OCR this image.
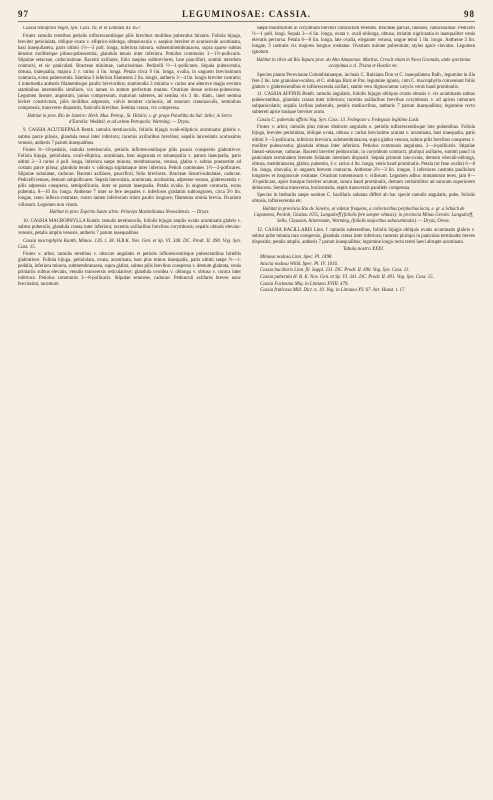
97	LEGUMINOSAE: CASSIA.	98

Cassia tenuifolia Vogel, Syn. Cass. 16, et in Linnaea XI. 657.

Frutex ramulis teretibus petiolis inflorescentiisque pilis brevibus mollibus puberulus hirsutis. Foliola bijuga, breviter petiolulata, oblique ovata v. elliptico-oblonga, obtusiuscula v. saepius breviter et acutiuscule acuminata, basi inaequilatera, paris ultimi 1½—3 poll. longa, inferiora minora, subsemimembranacea, supra sparse subtus densius molliterque piloso-pubescentia; glandula tenuis inter inferiora. Petiolus communis 1—1½-pollicaris. Stipulae setaceae, caducissimae. Racemi axillares, folio saepius subbreviores, laxe pauciflori, summi interdum contracti, et sic paniculati. Bracteae minimae, caducissimae. Pedicelli ½—1-pollicares. Sepala pubescentia, obtusa, inaequalia, majora 3 v. rarius 4 lin. longa. Petala circa 9 lin. longa, ovalia, in unguem brevissimum contracta, extus pubescentia. Stamina 3 inferiora filamentis 2 lin. longis, antheris 3—4 lin. longis breviter rostratis; 4 intermedia antheris filamentisque paullo brevioribus; staminodia 3 minima v. rarius une alterove magis evoluto staminibus intermediis similiore, vix tamen in statum perfectum mutato. Ovarium dense sericeo-pubescens. Legumen lineare, angustum, junius compressum, maturum subteres, ad semina vix 3 lin. diam., inter semina leviter constrictum, pilis mollibus adpressis, valvis tenuiter coriaceis, ad suturam crassiusculis, seminibus compressis, transverse dispositis, funiculis brevibus. Semina crassa, vix compressa.

Habitat in prov. Rio de Janeiro: Herb. Mus. Petrop., St. Hilaire; s. gr. prope Parahiba do Sul: Sello; in Serra d'Estrella: Weddell, et ad urbem Petropolis: Warming. — Dryas.

9. CASSIA ACUTISEPALA Benth. ramulis teretiusculis, foliolis bijugis ovali-ellipticis acuminatis glabris v. subtus parce pilosis, glandula tenui inter inferiora; racemis axillaribus brevibus; sepalis lanceolatis acutissimis venosis, antheris 7 parum inaequalibus.

Frutex 8—10-pedalis, ramulis teretiusculis, petiolis inflorescentiisque pilis paucis conspersis glabrativve. Foliola bijuga, petiolulata, ovali-elliptica, acuminata, basi angustata et subaequalia v. parum inaequalia, paris ultimi 2—3 rarius 4 poll. longa, inferiora saepe minora, membranacea, venosa, glabra v. subtus praesertim ad costam parce pilosa; glandula tenuis v. oblonga stipitataque inter inferiora. Petioli communes 1½—2-pollicares. Stipulae subulatae, caducae. Racemi axillares, pauciflori, folio breviores. Bracteae lineari-subulatae, caducae. Pedicelli tenues, demum subpollicares. Sepala lanceolata, acuminata, acutissima, adpresse venosa, glabrescentia v. pilis adpressis conspersa, semipollicaria, inter se parum inaequalia. Petala ovalia, in unguem contracta, extus pubentia, 8—10 lin. longa. Antherae 7 inter se fere aequales v. inferiores gradatim sublongiores, circa 3½ lin. longae, ramo inflexo-rostratae, rostro tamen inferiorum trium paullo longiore; filamenta omnia brevia. Ovarium villosum. Legumen non visum.

Habitat in prov. Espirito Santo silvis: Princeps Maximilianus Neowidensis. — Dryas.

10. CASSIA MACROPHYLLA Kunth: ramulis teretiusculis, foliolis bijugis amplis ovatis acuminatis glabris v. subtus puberulis, glandula crassa inter inferiora; racemis axillaribus brevibus corymbosis; sepalis obtusis elevato-venosis, petalis amplis venosis, antheris 7 parum inaequalibus.

Cassia macrophylla Kunth, Mimos. 126. t. 38. H.B.K. Nov. Gen. et Sp. VI. 340. DC. Prodr. II. 490. Vog. Syn. Cass. 15.

Frutex v. arbor, ramulis teretibus v. obscure angulatis et petiolis inflorescentiisque pubescentibus hirtellis glabratisve. Foliola bijuga, petiolulata, ovata, acuminata, basi plus minus inaequalia, paris ultimi saepe ½—1-pedalia, inferiora minora, submembranacea, supra glabra, subtus pilis brevibus conspersa v. demum glabrata, venis primariis subtus elevatis, venulis transversis reticulatisve; glandula ovoidea v. oblonga v. obtusa v. conica inter inferiora. Petiolus communis 3—8-pollicaris. Stipulae setaceae, caducae. Pedunculi axillares breves nunc brevissimi, racemum

saepe multiflorum in corymbum breviter contractum ferentes. Bracteae parvae, lineares, caducissimae. Pedicelli ½—1 poll. longi. Sepala 3—4 lin. longa, ovata v. ovali-oblonga, obtusa, striatim nigricantia et inaequaliter venis elevatis percursa. Petala 6—8 lin. longa, late ovalia, eleganter venosa, ungue tenui 1 lin. longo. Antherae 3 lin. longae, 3 castratis vix majores longius rostratae. Ovarium minute puberulum; stylus apice clavatus. Legumen ignotum.

Habitat in silvis ad Rio Yapura prov. do Alto Amazonas: Martius. Crescit etiam in Nova Granada, unde specimina accepimus a cl. Triana et Hostiin etc.

Species planta Peruvianae Columbianaeque, inclusis C. Ruiziana Don et C. inaequilatera Balb., legumine in illa fere 2 lin. lato granuloso-scabro, et C. obliqua Ruiz et Pav. legumine ignoto, cum C. macrophylla conveniunt foliis glabris v. glabrescentibus et inflorescentia axillari, statim vero dignoscuntur calycis venis haud prominulis.

11. CASSIA AFFINIS Benth. ramulis angulatis, foliolis bijugis obliquis ovatis obtusis v. vix acuminatis subtus pubescentibus, glandula crassa inter inferiora; racemis axillaribus brevibus corymbosis v. ad apices ramorum subpaniculatis; sepalis lavibus puberulis, petalis mediocribus, antheris 7 parum inaequalibus; legumine recto subtereti apice basique breviter acuto.

Cassia C. puberula affinis Vog. Syn. Cass. 13. Fedegozo v. Fedegozo legitimo Lusit.

Frutex v. arbor, ramulis plus minus distincte angulatis e. petiolis inflorescentiisque lute pubentibus. Foliola bijuga, breviter petiolulata, oblique ovata, obtusa v. rarius brevissime acutata v. acuminata, basi inaequalia, paris ultimi 3—5-pollicaria, inferiora breviora, submembranacea, supra glabra venosa, subtus pilis brevibus conspersa v. molliter pubescentia; glandula obtusa inter inferiora. Petiolus communis angulatus, 2—4-pollicaris. Stipulae lineari-setaceae, caducae. Racemi breviter pedunculati, in corymbum contracti, pluriqui axillares, summi paucl in paniculam terminalem breuem foliatam interdum dispositi. Sepala primum lato-ovata, demum obovali-oblonga, obtusa, membranacea, glabra, pubentia, 4 v. rarius 4 lin. longa, venis haud prominulis. Petala (ut fene ovalia) 6—8 lin. longa, obovalia, in unguem brevem contracta. Antherae 2½—3 lin. longae, 3 inferiores castratis paullulum longiores et longiuscule rostratae. Ovarium tomentosum v. villosum. Legumen adhuc immaturum teres, jam 8—10-pollicare, apice basique breviter acutum, sutura haud prominulis, demum verisimiliter ad suturam superiorem dehiscens. Semina transversa, horizontalia, septis transversis parallele compressa.

Species in herbariis saepe nomine C. bacillaris salutata differt ab hac specie ramulis angulatis, pube, foliolis obtusis, inflorescentia etc.

Habitat in provincia Rio de Janeiro, ut videtur frequens, a collectoribus perplurbus lecta, e. gr. a Schüch de Capanema, Peckolt, Glaziou 1055, Langsdorff (foliolis fere semper obtusis); in provincia Minas Geraës: Langsdorff, Sello, Claussen, Ackermann, Warming, (foliolis majoribus subacuminatis). — Dryas, Oreas.

12. CASSIA BACILLARIS Linn. f. ramulis subteretibus, foliolis bijugis obliquis ovatis acuminatis glabris v. subtus pube minuta rara conspersis, glandula crassa inter inferiora; racemis pluriqui in paniculas terminales breves dispositis; petalis amplis, antheris 7 parum inaequalibus; legumine longo recto tereti laevi abrupte acuminato.

Tabula nostra XXXI.

Mimosa nodosa Linn. Spec. Pl. 1498.

Acacia nodosa Willd. Spec. Pl. IV. 1016.

Cassia bacillaris Linn. fil. Suppl. 231. DC. Prodr. II. 490. Vog. Syn. Cass. 11.

Cassia puberula H. B. K. Nov. Gen. et Sp. VI. 341. DC. Prodr. II. 491. Vog. Syn. Cass. 15.

Cassia Fockeana Miq. in Linnaea XVIII. 479.

Cassia fruticosa Mill. Dict. n. 10. Vog. in Linnaea XV. 67. Act. Haust. t. 17.
